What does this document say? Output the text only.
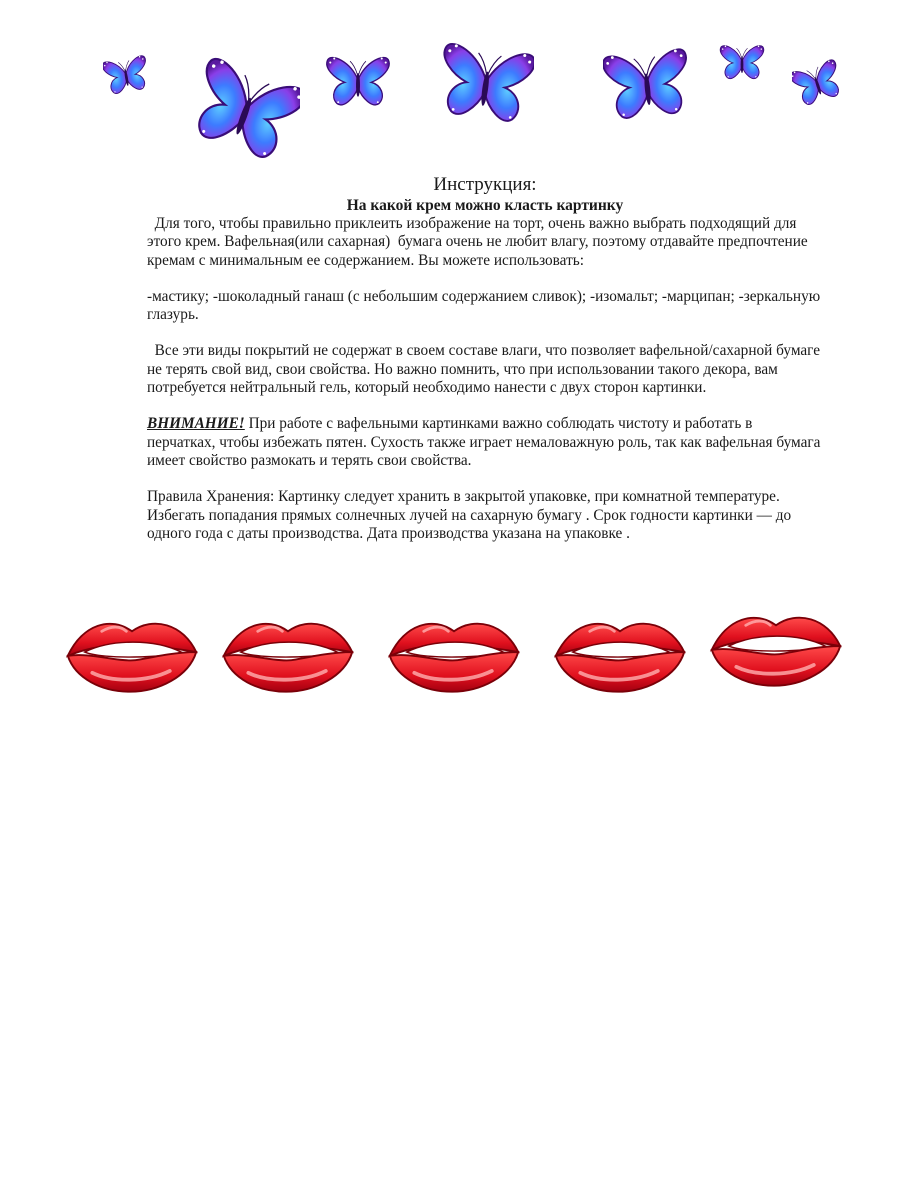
Инструкция:
На какой крем можно класть картинку

Для того, чтобы правильно приклеить изображение на торт, очень важно выбрать подходящий для этого крем. Вафельная(или сахарная)  бумага очень не любит влагу, поэтому отдавайте предпочтение кремам с минимальным ее содержанием. Вы можете использовать:

-мастику; -шоколадный ганаш (с небольшим содержанием сливок); -изомальт; -марципан; -зеркальную глазурь.

Все эти виды покрытий не содержат в своем составе влаги, что позволяет вафельной/сахарной бумаге не терять свой вид, свои свойства. Но важно помнить, что при использовании такого декора, вам потребуется нейтральный гель, который необходимо нанести с двух сторон картинки.

ВНИМАНИЕ! При работе с вафельными картинками важно соблюдать чистоту и работать в перчатках, чтобы избежать пятен. Сухость также играет немаловажную роль, так как вафельная бумага имеет свойство размокать и терять свои свойства.

Правила Хранения: Картинку следует хранить в закрытой упаковке, при комнатной температуре. Избегать попадания прямых солнечных лучей на сахарную бумагу . Срок годности картинки — до одного года с даты производства. Дата производства указана на упаковке .
